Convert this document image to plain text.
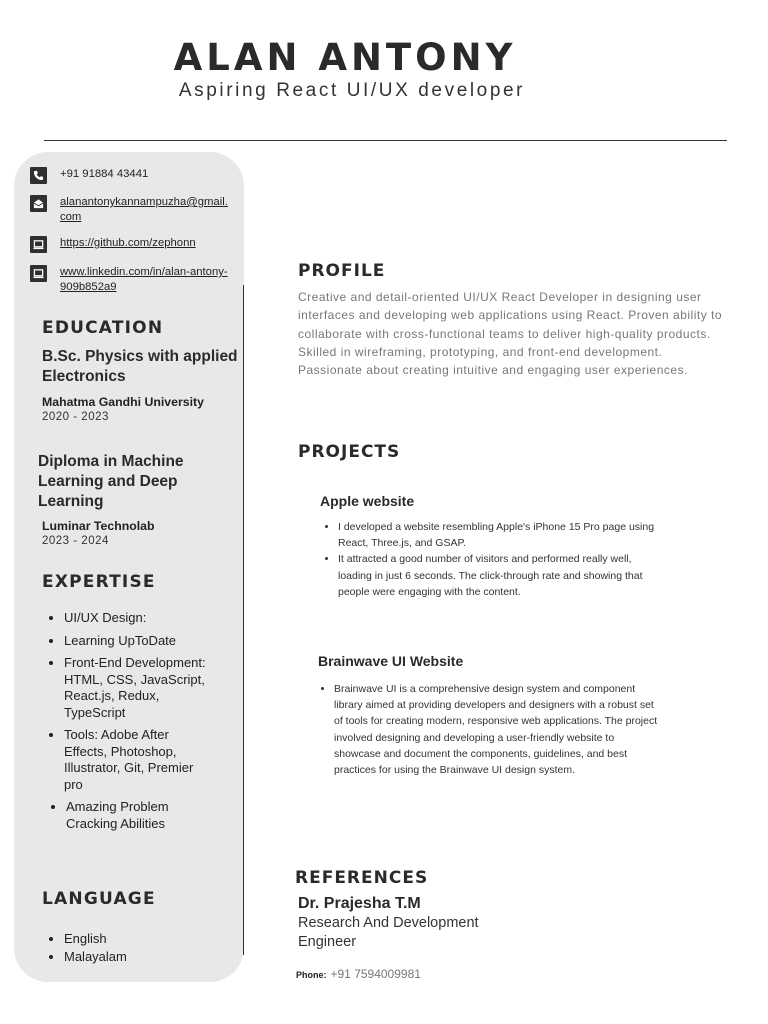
ALAN ANTONY

Aspiring React UI/UX developer

+91 91884 43441
alanantonykannampuzha@gmail.com
https://github.com/zephonn
www.linkedin.com/in/alan-antony-909b852a9
EDUCATION

B.Sc. Physics with applied Electronics

Mahatma Gandhi University

2020 - 2023

Diploma in Machine Learning and Deep Learning

Luminar Technolab

2023 - 2024

EXPERTISE
• UI/UX Design:
• Learning UpToDate
• Front-End Development: HTML, CSS, JavaScript, React.js, Redux, TypeScript
• Tools: Adobe After Effects, Photoshop, Illustrator, Git, Premier pro
• Amazing Problem Cracking Abilities
LANGUAGE
• English
• Malayalam
PROFILE

Creative and detail-oriented UI/UX React Developer in designing user interfaces and developing web applications using React. Proven ability to collaborate with cross-functional teams to deliver high-quality products. Skilled in wireframing, prototyping, and front-end development. Passionate about creating intuitive and engaging user experiences.

PROJECTS

Apple website

• I developed a website resembling Apple's iPhone 15 Pro page using React, Three.js, and GSAP.
• It attracted a good number of visitors and performed really well, loading in just 6 seconds. The click-through rate and showing that people were engaging with the content.

Brainwave UI Website

• Brainwave UI is a comprehensive design system and component library aimed at providing developers and designers with a robust set of tools for creating modern, responsive web applications. The project involved designing and developing a user-friendly website to showcase and document the components, guidelines, and best practices for using the Brainwave UI design system.
REFERENCES

Dr. Prajesha T.M

Research And Development Engineer

Phone: +91 7594009981
